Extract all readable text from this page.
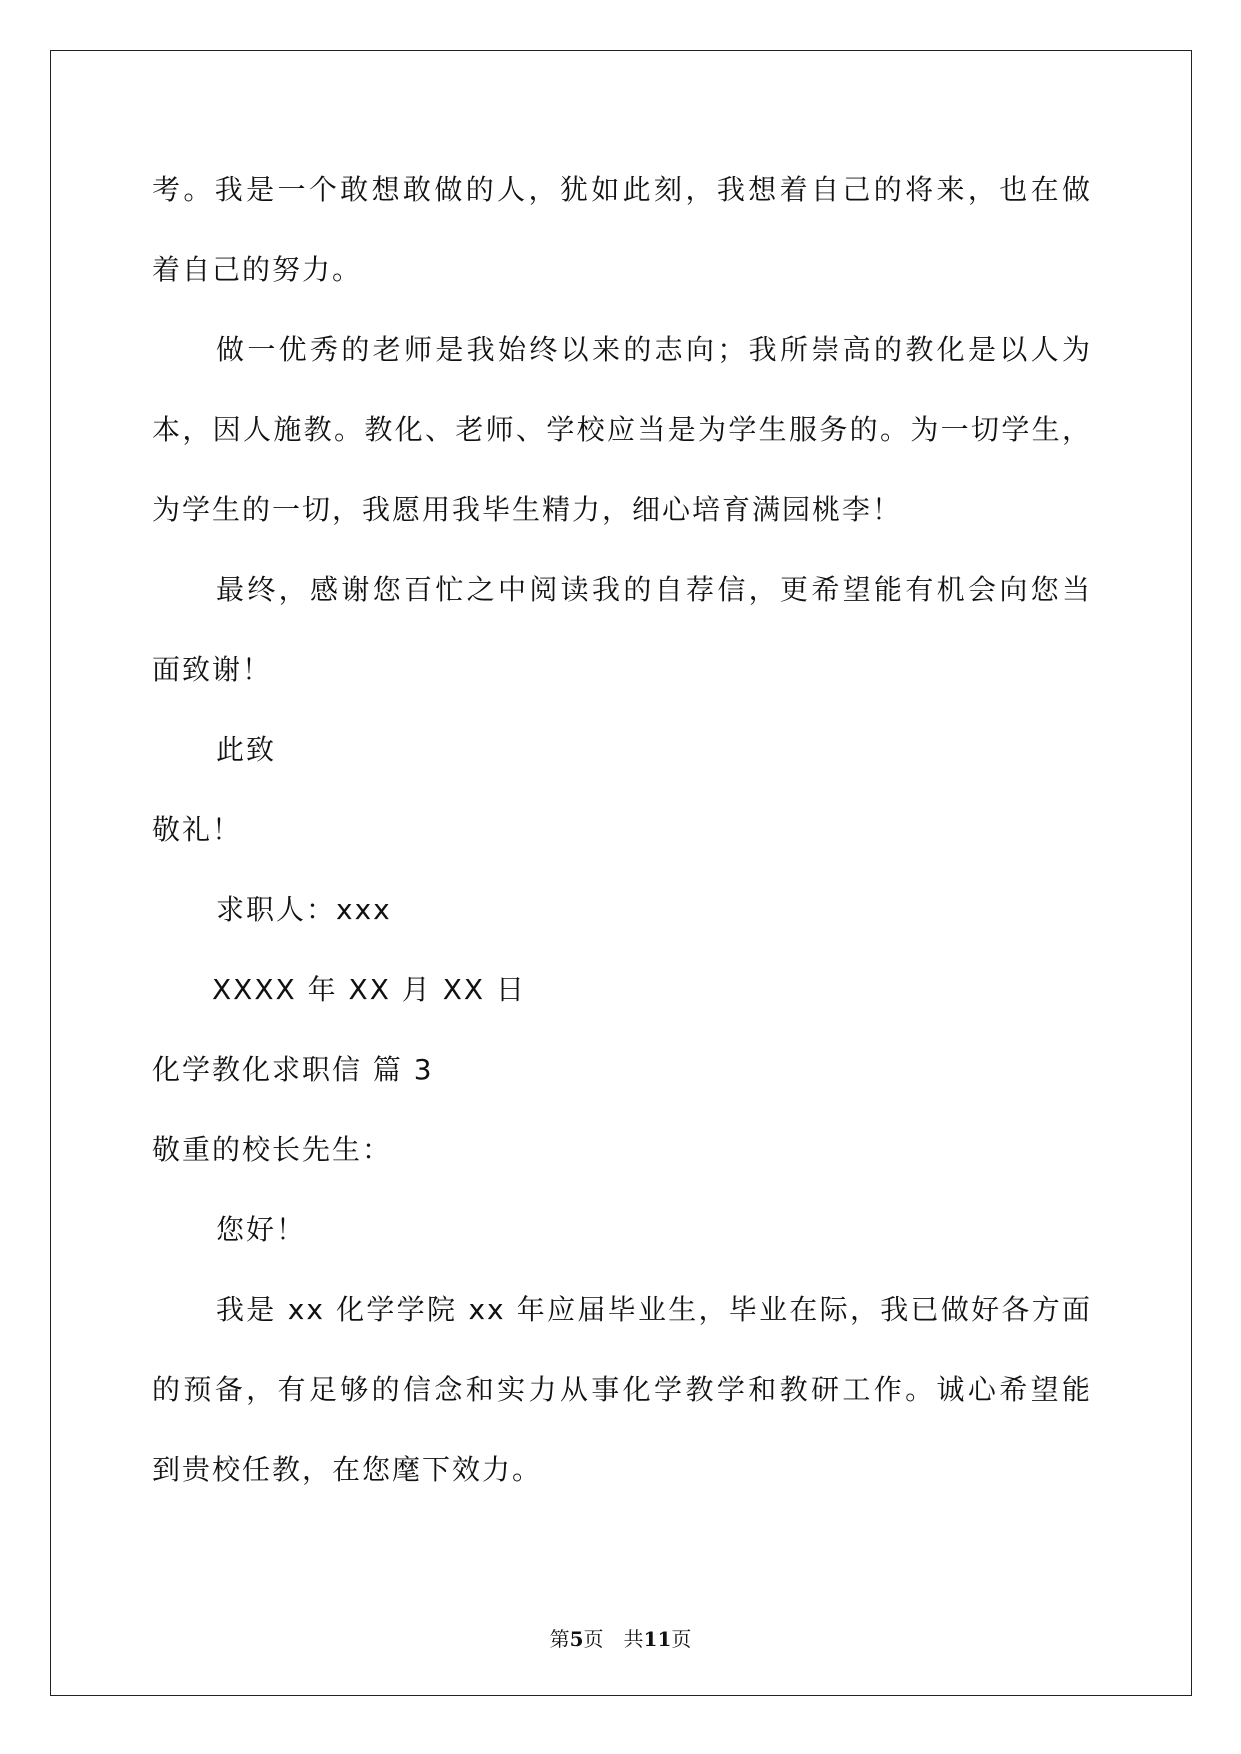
考。我是一个敢想敢做的人，犹如此刻，我想着自己的将来，也在做
着自己的努力。
做一优秀的老师是我始终以来的志向；我所崇高的教化是以人为
本，因人施教。教化、老师、学校应当是为学生服务的。为一切学生，
为学生的一切，我愿用我毕生精力，细心培育满园桃李！
最终，感谢您百忙之中阅读我的自荐信，更希望能有机会向您当
面致谢！
此致
敬礼！
求职人：xxx
XXXX 年 XX 月 XX 日
化学教化求职信 篇 3
敬重的校长先生：
您好！
我是 xx 化学学院 xx 年应届毕业生，毕业在际，我已做好各方面
的预备，有足够的信念和实力从事化学教学和教研工作。诚心希望能
到贵校任教，在您麾下效力。
第5页　共11页
